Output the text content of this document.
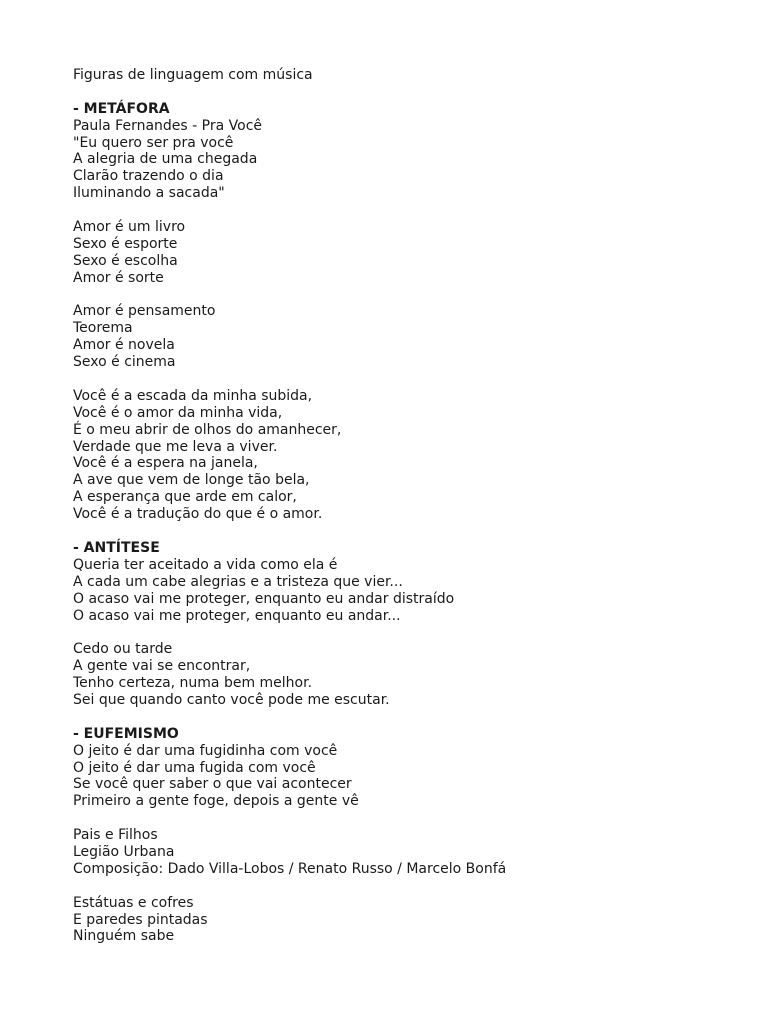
Figuras de linguagem com música
- METÁFORA
Paula Fernandes - Pra Você
"Eu quero ser pra você
A alegria de uma chegada
Clarão trazendo o dia
Iluminando a sacada"
Amor é um livro
Sexo é esporte
Sexo é escolha
Amor é sorte
Amor é pensamento
Teorema
Amor é novela
Sexo é cinema
Você é a escada da minha subida,
Você é o amor da minha vida,
É o meu abrir de olhos do amanhecer,
Verdade que me leva a viver.
Você é a espera na janela,
A ave que vem de longe tão bela,
A esperança que arde em calor,
Você é a tradução do que é o amor.
- ANTÍTESE
Queria ter aceitado a vida como ela é
A cada um cabe alegrias e a tristeza que vier...
O acaso vai me proteger, enquanto eu andar distraído
O acaso vai me proteger, enquanto eu andar...
Cedo ou tarde
A gente vai se encontrar,
Tenho certeza, numa bem melhor.
Sei que quando canto você pode me escutar.
- EUFEMISMO
O jeito é dar uma fugidinha com você
O jeito é dar uma fugida com você
Se você quer saber o que vai acontecer
Primeiro a gente foge, depois a gente vê
Pais e Filhos
Legião Urbana
Composição: Dado Villa-Lobos / Renato Russo / Marcelo Bonfá
Estátuas e cofres
E paredes pintadas
Ninguém sabe
